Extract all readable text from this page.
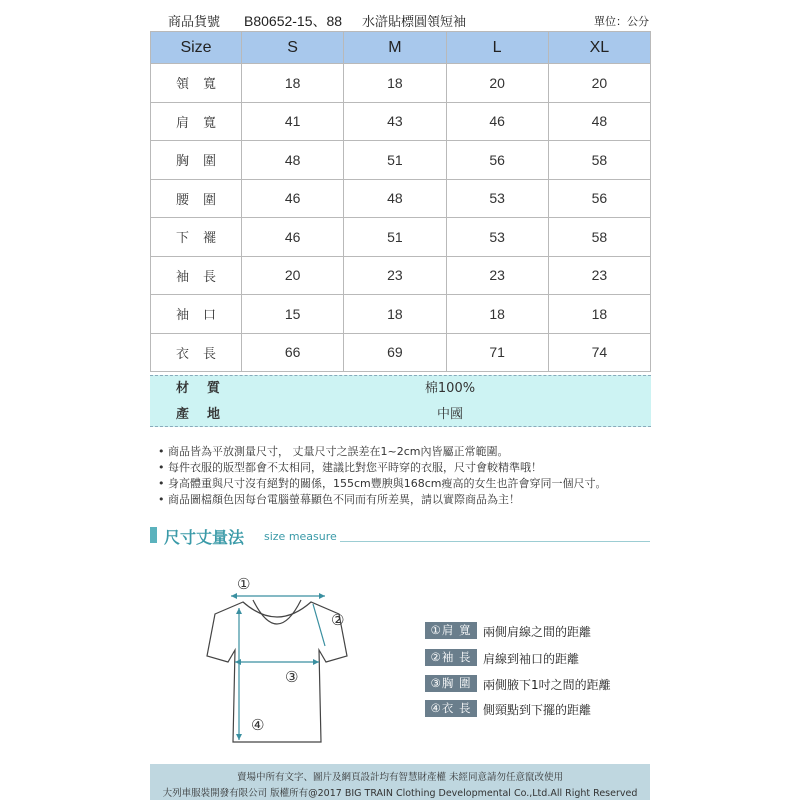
商品貨號 B80652-15、88 水滸貼標圓領短袖	單位：公分
Size	S	M	L	XL
領寬	18	18	20	20
肩寬	41	43	46	48
胸圍	48	51	56	58
腰圍	46	48	53	56
下襬	46	51	53	58
袖長	20	23	23	23
袖口	15	18	18	18
衣長	66	69	71	74
材質	棉100%
產地	中國
• 商品皆為平放測量尺寸， 丈量尺寸之誤差在1~2cm內皆屬正常範圍。
• 每件衣服的版型都會不太相同，建議比對您平時穿的衣服，尺寸會較精準哦！
• 身高體重與尺寸沒有絕對的關係，155cm豐腴與168cm瘦高的女生也許會穿同一個尺寸。
• 商品圖檔顏色因每台電腦螢幕顯色不同而有所差異，請以實際商品為主！
尺寸丈量法 size measure
①
②
③
④
①肩 寬 兩側肩線之間的距離
②袖 長 肩線到袖口的距離
③胸 圍 兩側腋下1吋之間的距離
④衣 長 側頸點到下擺的距離
賣場中所有文字、圖片及網頁設計均有智慧財產權 未經同意請勿任意竄改使用
大列車服裝開發有限公司 版權所有@2017 BIG TRAIN Clothing Developmental Co.,Ltd.All Right Reserved
